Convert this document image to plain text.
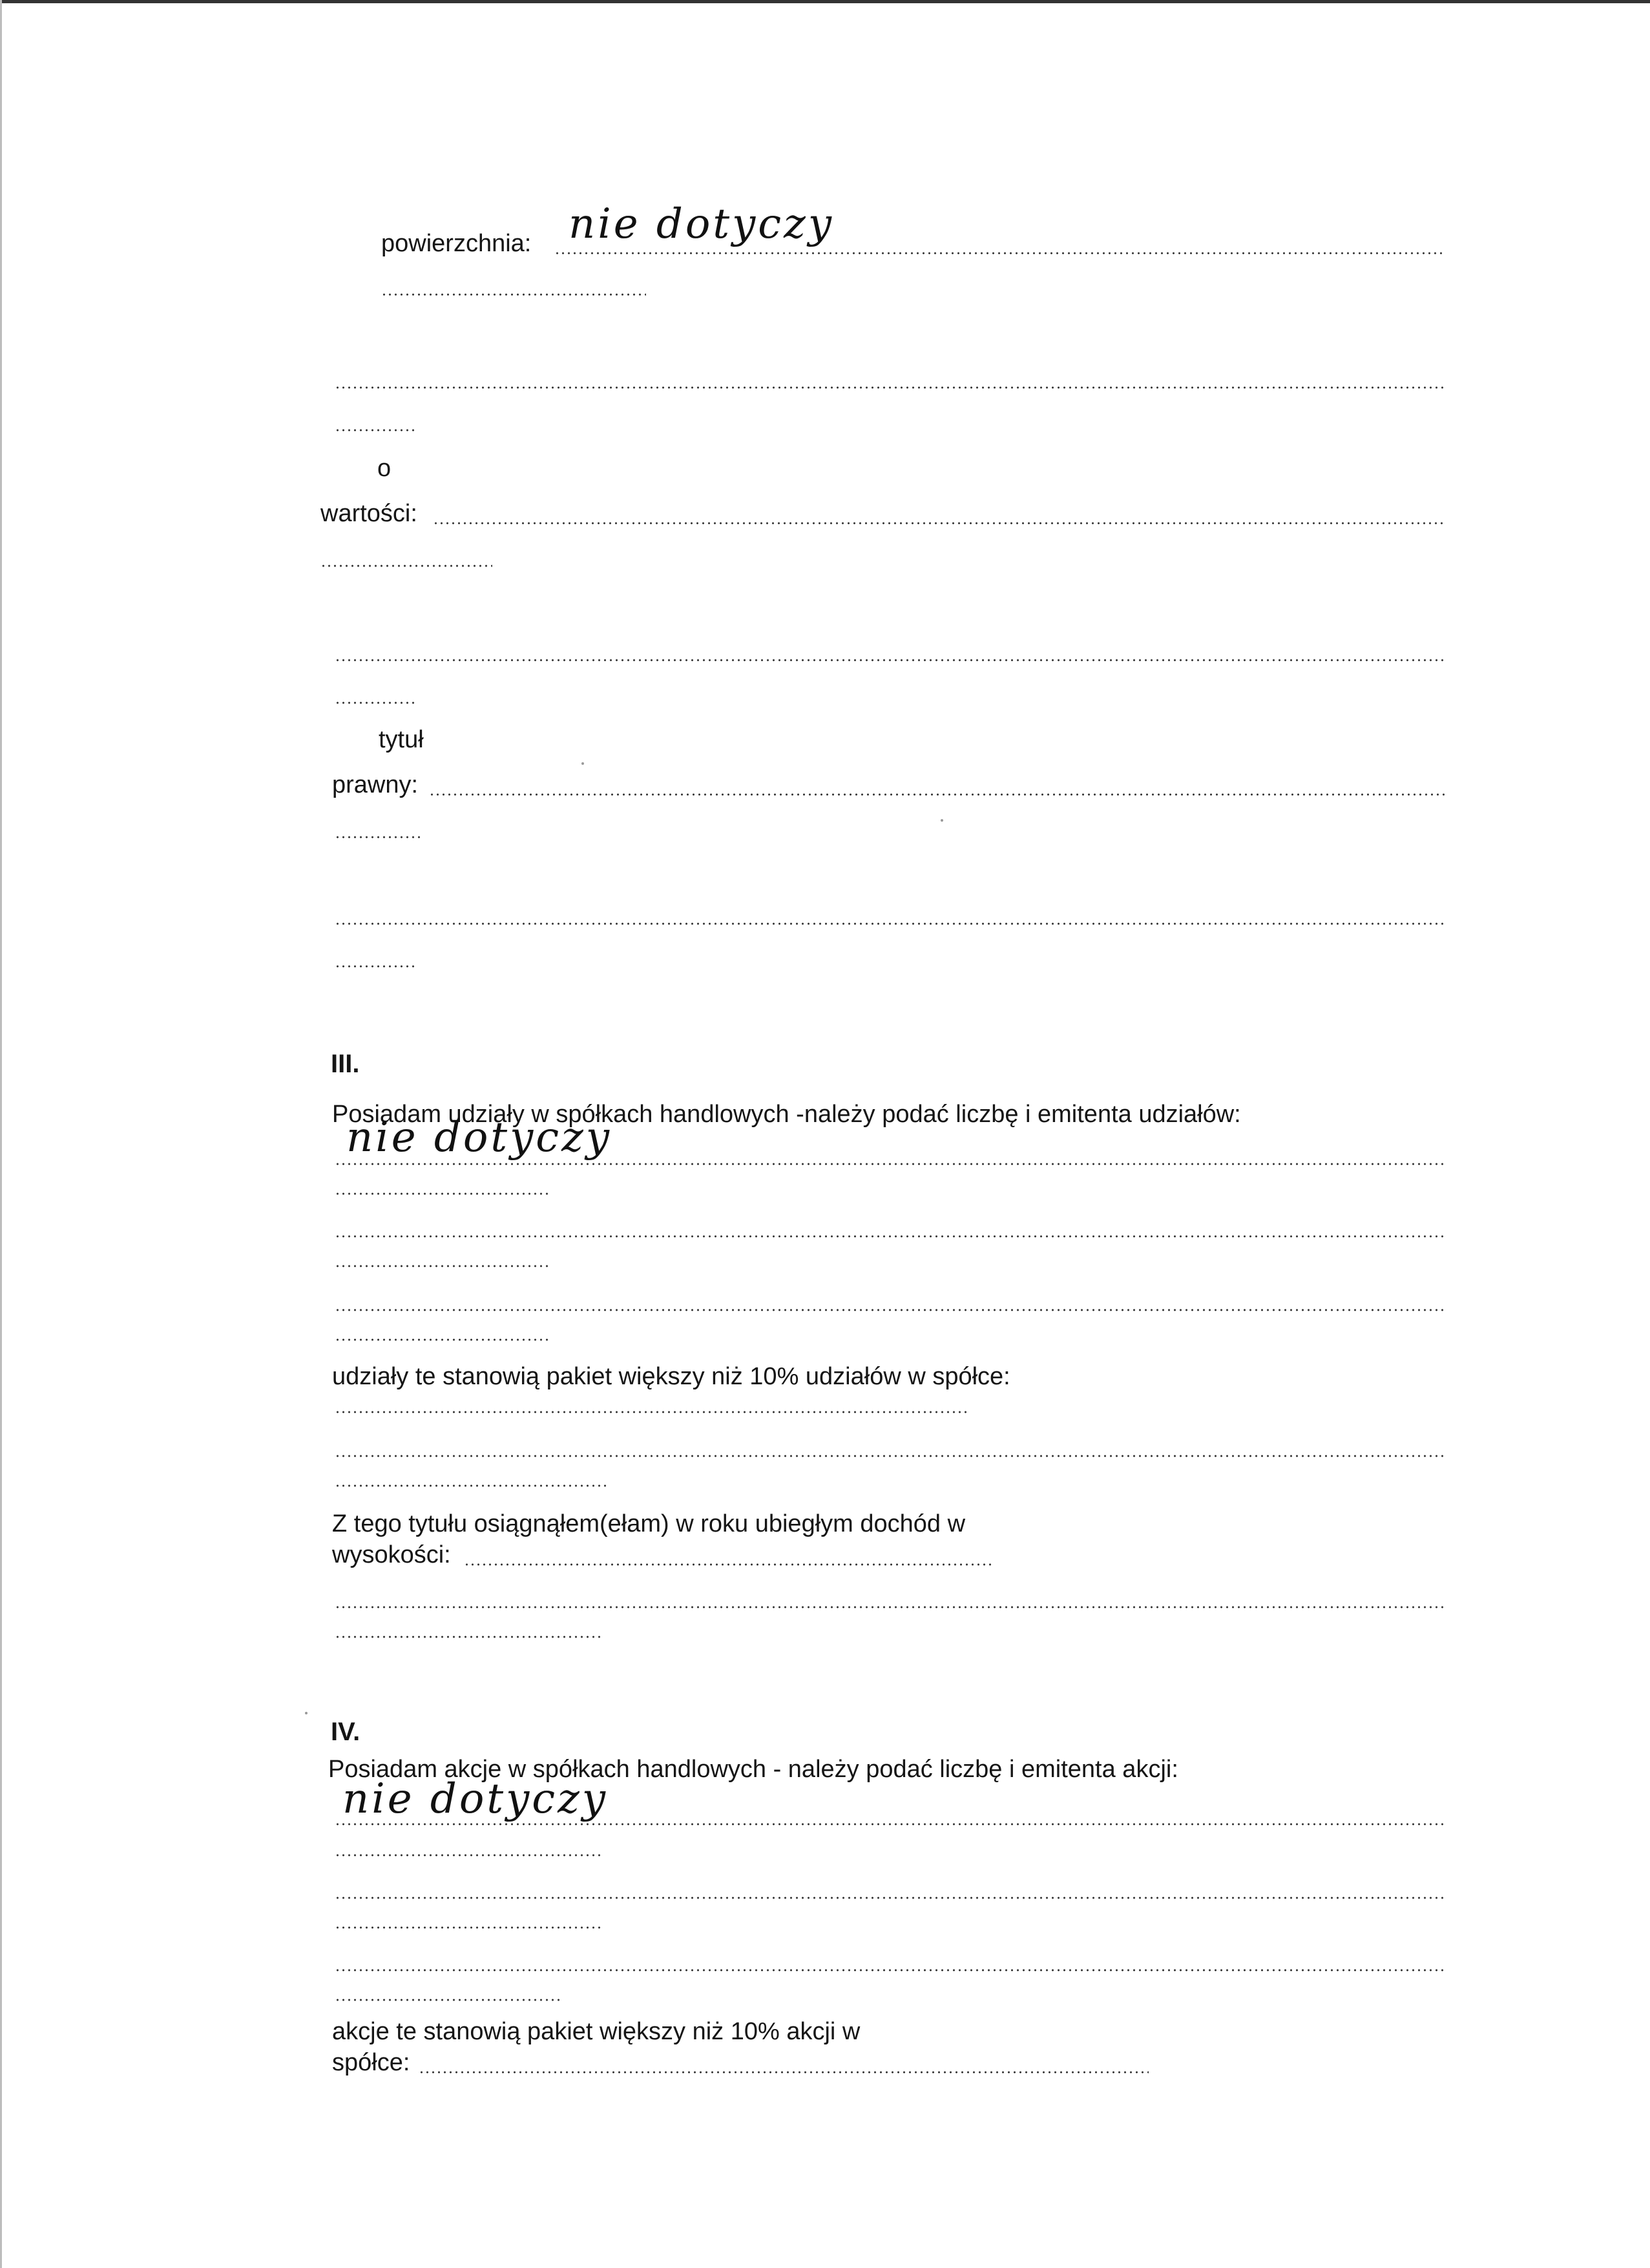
powierzchnia: nie dotyczy
o
wartości:
tytuł
prawny:
III.
Posiadam udziały w spółkach handlowych -należy podać liczbę i emitenta udziałów:
nie dotyczy
udziały te stanowią pakiet większy niż 10% udziałów w spółce:
Z tego tytułu osiągnąłem(ełam) w roku ubiegłym dochód w
wysokości:
IV.
Posiadam akcje w spółkach handlowych - należy podać liczbę i emitenta akcji:
nie dotyczy
akcje te stanowią pakiet większy niż 10% akcji w
spółce:
